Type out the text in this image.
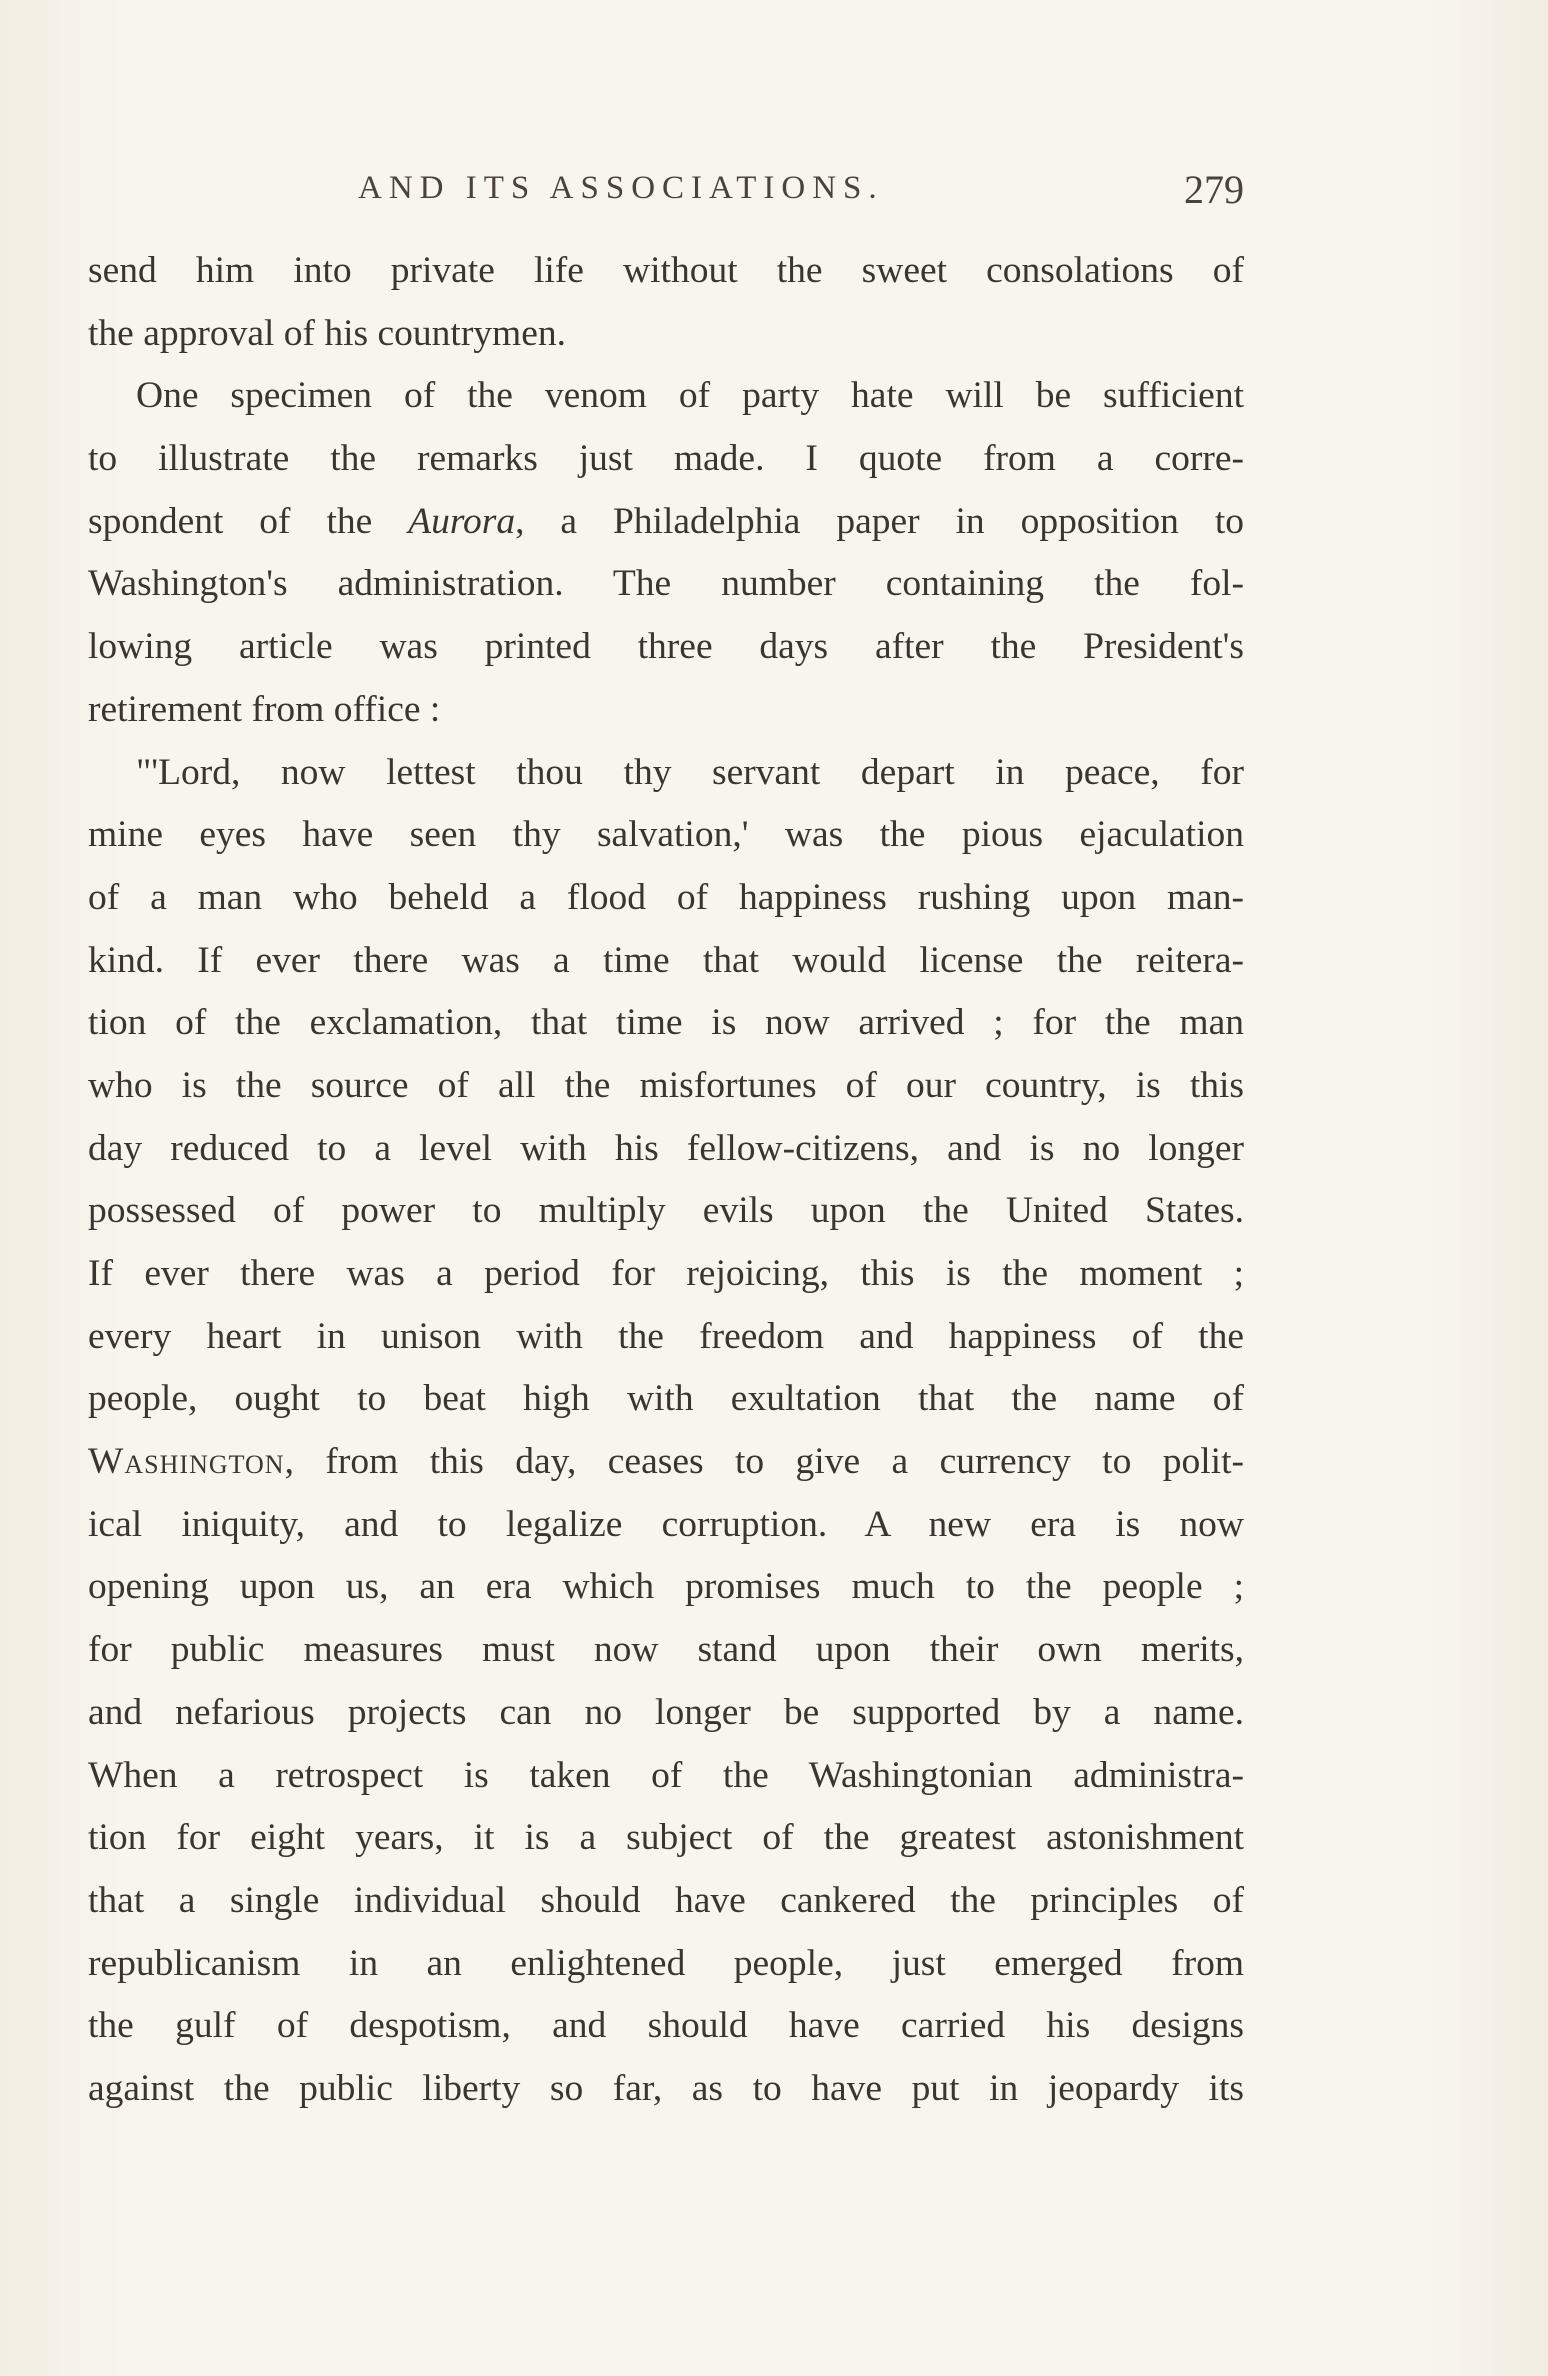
AND ITS ASSOCIATIONS.	279
send him into private life without the sweet consolations of
the approval of his countrymen.
One specimen of the venom of party hate will be sufficient
to illustrate the remarks just made. I quote from a corre-
spondent of the Aurora, a Philadelphia paper in opposition to
Washington's administration. The number containing the fol-
lowing article was printed three days after the President's
retirement from office :
"'Lord, now lettest thou thy servant depart in peace, for
mine eyes have seen thy salvation,' was the pious ejaculation
of a man who beheld a flood of happiness rushing upon man-
kind. If ever there was a time that would license the reitera-
tion of the exclamation, that time is now arrived ; for the man
who is the source of all the misfortunes of our country, is this
day reduced to a level with his fellow-citizens, and is no longer
possessed of power to multiply evils upon the United States.
If ever there was a period for rejoicing, this is the moment ;
every heart in unison with the freedom and happiness of the
people, ought to beat high with exultation that the name of
Washington, from this day, ceases to give a currency to polit-
ical iniquity, and to legalize corruption. A new era is now
opening upon us, an era which promises much to the people ;
for public measures must now stand upon their own merits,
and nefarious projects can no longer be supported by a name.
When a retrospect is taken of the Washingtonian administra-
tion for eight years, it is a subject of the greatest astonishment
that a single individual should have cankered the principles of
republicanism in an enlightened people, just emerged from
the gulf of despotism, and should have carried his designs
against the public liberty so far, as to have put in jeopardy its
